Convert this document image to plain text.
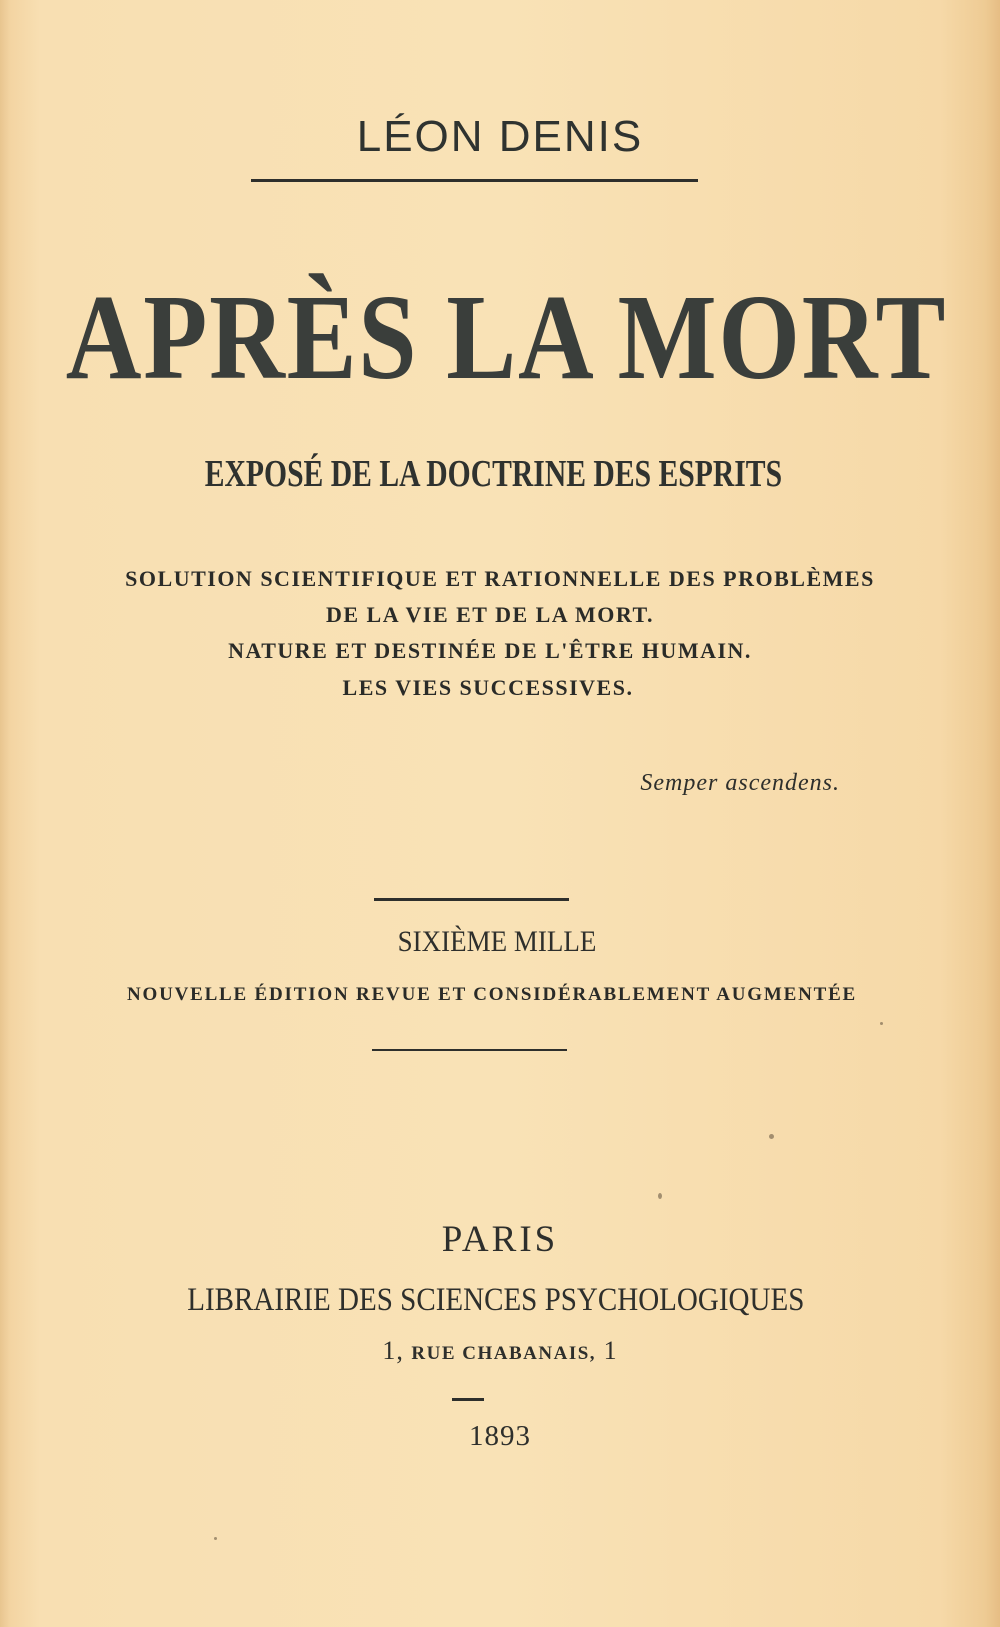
LÉON DENIS
APRÈS LA MORT
EXPOSÉ DE LA DOCTRINE DES ESPRITS
SOLUTION SCIENTIFIQUE ET RATIONNELLE DES PROBLÈMES
DE LA VIE ET DE LA MORT.
NATURE ET DESTINÉE DE L'ÊTRE HUMAIN.
LES VIES SUCCESSIVES.
Semper ascendens.
SIXIÈME MILLE
NOUVELLE ÉDITION REVUE ET CONSIDÉRABLEMENT AUGMENTÉE
PARIS
LIBRAIRIE DES SCIENCES PSYCHOLOGIQUES
1, RUE CHABANAIS, 1
1893
